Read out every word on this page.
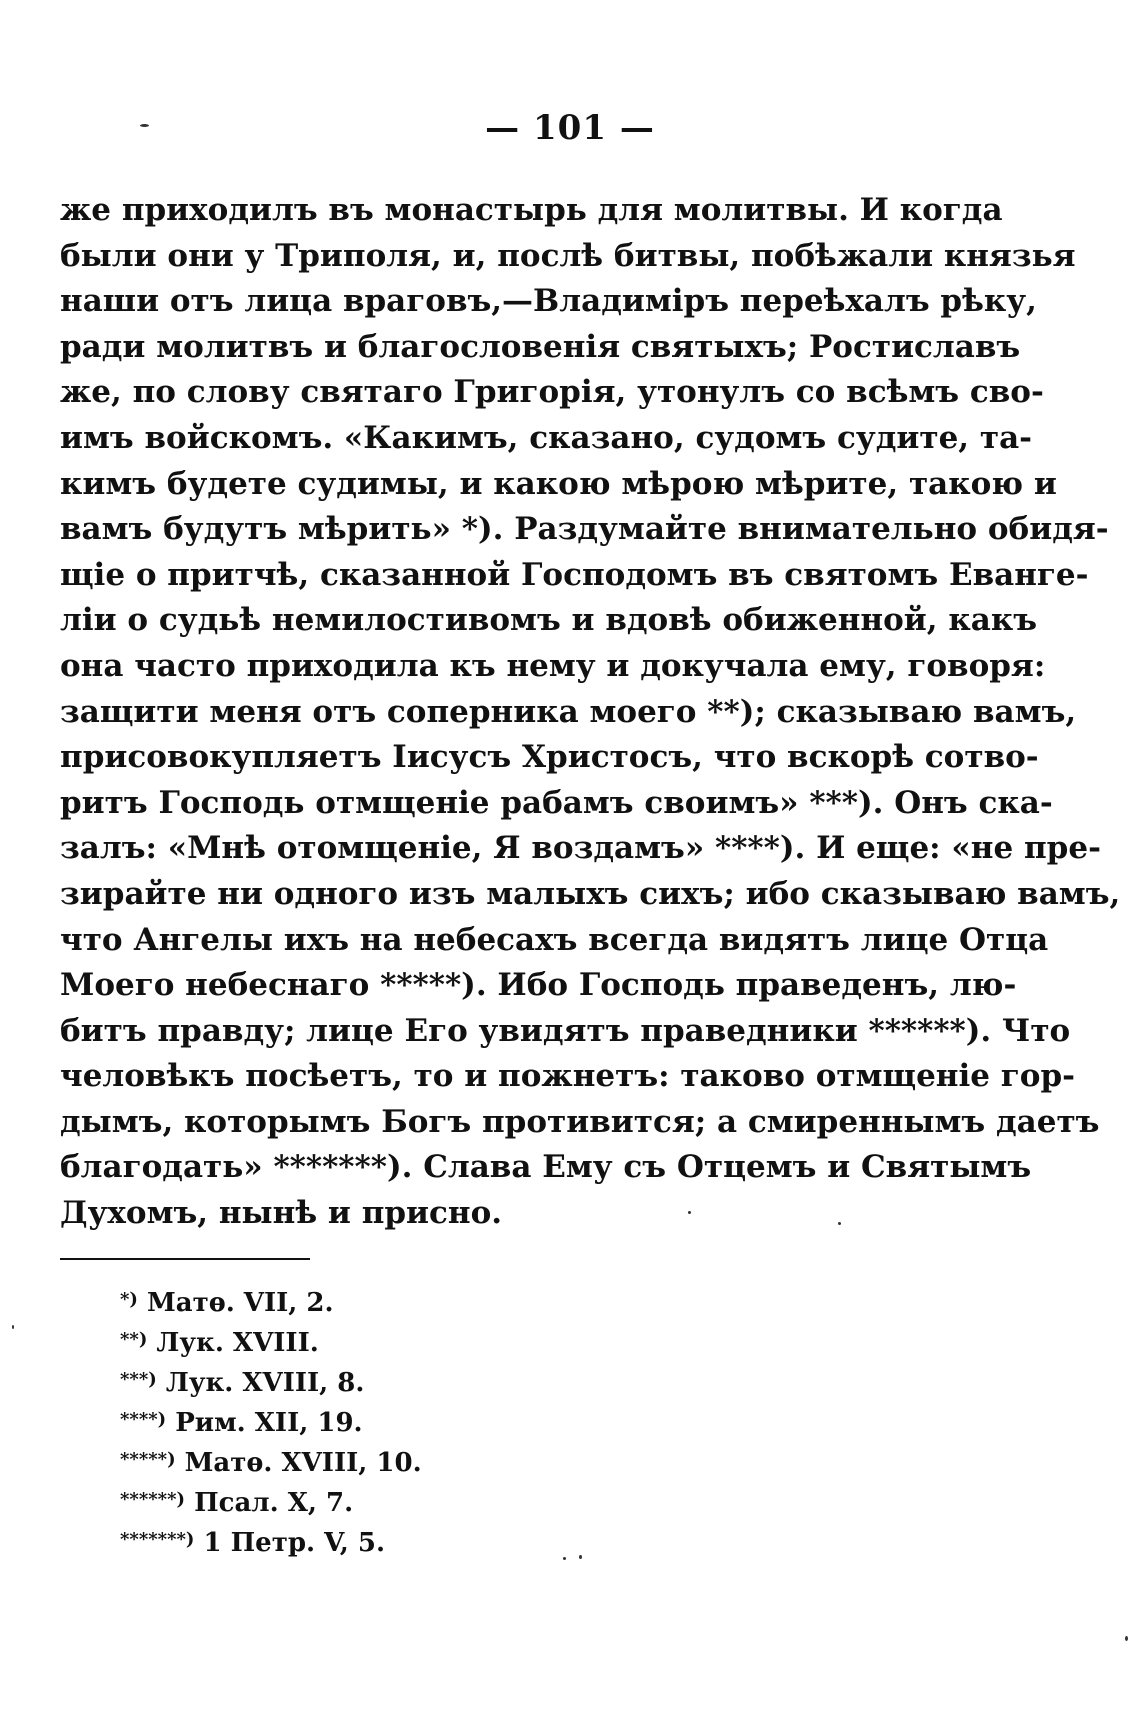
— 101 —
же приходилъ въ монастырь для молитвы. И когда
были они у Триполя, и, послѣ битвы, побѣжали князья
наши отъ лица враговъ,—Владиміръ переѣхалъ рѣку,
ради молитвъ и благословенія святыхъ; Ростиславъ
же, по слову святаго Григорія, утонулъ со всѣмъ сво-
имъ войскомъ. «Какимъ, сказано, судомъ судите, та-
кимъ будете судимы, и какою мѣрою мѣрите, такою и
вамъ будутъ мѣрить» *). Раздумайте внимательно обидя-
щіе о притчѣ, сказанной Господомъ въ святомъ Еванге-
ліи о судьѣ немилостивомъ и вдовѣ обиженной, какъ
она часто приходила къ нему и докучала ему, говоря:
защити меня отъ соперника моего **); сказываю вамъ,
присовокупляетъ Іисусъ Христосъ, что вскорѣ сотво-
ритъ Господь отмщеніе рабамъ своимъ» ***). Онъ ска-
залъ: «Мнѣ отомщеніе, Я воздамъ» ****). И еще: «не пре-
зирайте ни одного изъ малыхъ сихъ; ибо сказываю вамъ,
что Ангелы ихъ на небесахъ всегда видятъ лице Отца
Моего небеснаго *****). Ибо Господь праведенъ, лю-
битъ правду; лице Его увидятъ праведники ******). Что
человѣкъ посѣетъ, то и пожнетъ: таково отмщеніе гор-
дымъ, которымъ Богъ противится; а смиреннымъ даетъ
благодать» *******). Слава Ему съ Отцемъ и Святымъ
Духомъ, нынѣ и присно.
*) Матѳ. VII, 2.
**) Лук. XVIII.
***) Лук. XVIII, 8.
****) Рим. XII, 19.
*****) Матѳ. XVIII, 10.
******) Псал. X, 7.
*******) 1 Петр. V, 5.
